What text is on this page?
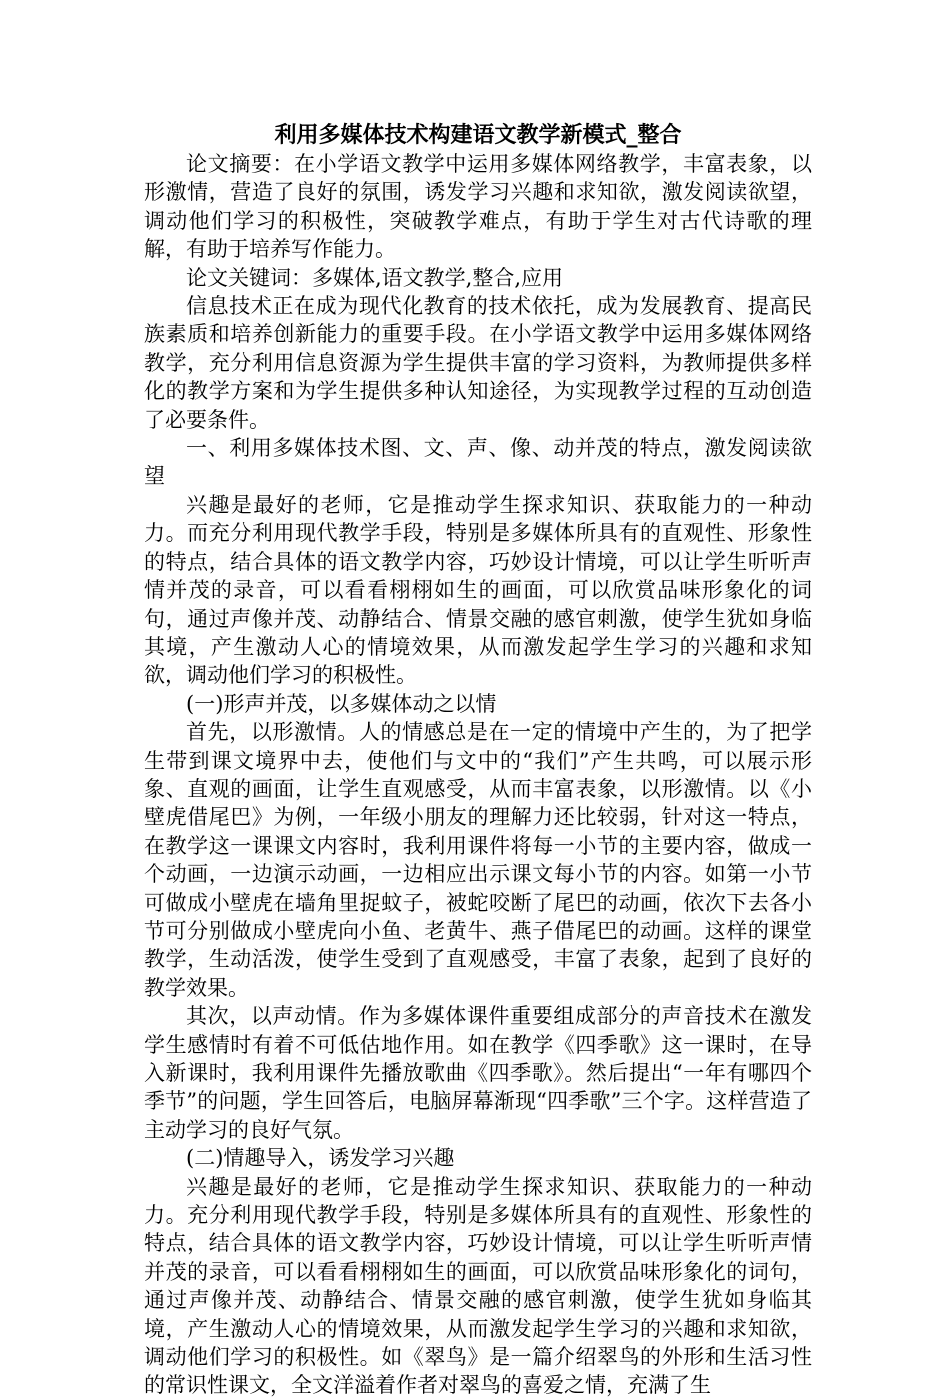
利用多媒体技术构建语文教学新模式_整合

论文摘要：在小学语文教学中运用多媒体网络教学，丰富表象，以形激情，营造了良好的氛围，诱发学习兴趣和求知欲，激发阅读欲望，调动他们学习的积极性，突破教学难点，有助于学生对古代诗歌的理解，有助于培养写作能力。

论文关键词：多媒体,语文教学,整合,应用

信息技术正在成为现代化教育的技术依托，成为发展教育、提高民族素质和培养创新能力的重要手段。在小学语文教学中运用多媒体网络教学，充分利用信息资源为学生提供丰富的学习资料，为教师提供多样化的教学方案和为学生提供多种认知途径，为实现教学过程的互动创造了必要条件。

一、利用多媒体技术图、文、声、像、动并茂的特点，激发阅读欲望

兴趣是最好的老师，它是推动学生探求知识、获取能力的一种动力。而充分利用现代教学手段，特别是多媒体所具有的直观性、形象性的特点，结合具体的语文教学内容，巧妙设计情境，可以让学生听听声情并茂的录音，可以看看栩栩如生的画面，可以欣赏品味形象化的词句，通过声像并茂、动静结合、情景交融的感官刺激，使学生犹如身临其境，产生激动人心的情境效果，从而激发起学生学习的兴趣和求知欲，调动他们学习的积极性。

(一)形声并茂，以多媒体动之以情

首先，以形激情。人的情感总是在一定的情境中产生的，为了把学生带到课文境界中去，使他们与文中的“我们”产生共鸣，可以展示形象、直观的画面，让学生直观感受，从而丰富表象，以形激情。以《小壁虎借尾巴》为例，一年级小朋友的理解力还比较弱，针对这一特点，在教学这一课课文内容时，我利用课件将每一小节的主要内容，做成一个动画，一边演示动画，一边相应出示课文每小节的内容。如第一小节可做成小壁虎在墙角里捉蚊子，被蛇咬断了尾巴的动画，依次下去各小节可分别做成小壁虎向小鱼、老黄牛、燕子借尾巴的动画。这样的课堂教学，生动活泼，使学生受到了直观感受，丰富了表象，起到了良好的教学效果。

其次，以声动情。作为多媒体课件重要组成部分的声音技术在激发学生感情时有着不可低估地作用。如在教学《四季歌》这一课时，在导入新课时，我利用课件先播放歌曲《四季歌》。然后提出“一年有哪四个季节”的问题，学生回答后，电脑屏幕渐现“四季歌”三个字。这样营造了主动学习的良好气氛。

(二)情趣导入，诱发学习兴趣

兴趣是最好的老师，它是推动学生探求知识、获取能力的一种动力。充分利用现代教学手段，特别是多媒体所具有的直观性、形象性的特点，结合具体的语文教学内容，巧妙设计情境，可以让学生听听声情并茂的录音，可以看看栩栩如生的画面，可以欣赏品味形象化的词句，通过声像并茂、动静结合、情景交融的感官刺激，使学生犹如身临其境，产生激动人心的情境效果，从而激发起学生学习的兴趣和求知欲，调动他们学习的积极性。如《翠鸟》是一篇介绍翠鸟的外形和生活习性的常识性课文，全文洋溢着作者对翠鸟的喜爱之情，充满了生
